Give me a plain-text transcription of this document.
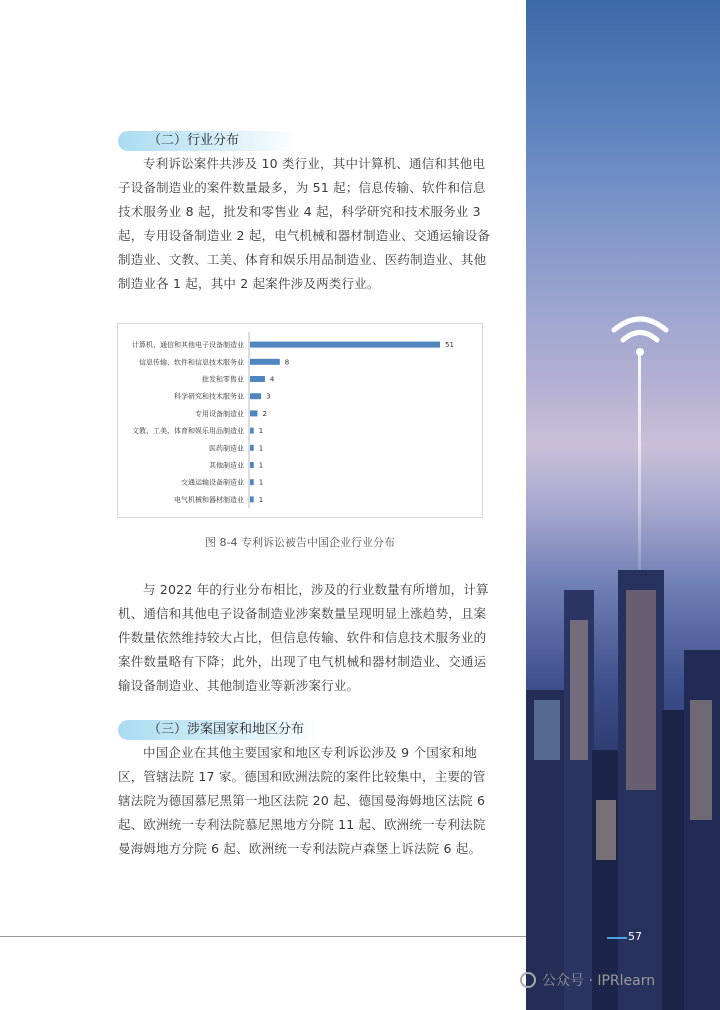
（二）行业分布

专利诉讼案件共涉及 10 类行业，其中计算机、通信和其他电子设备制造业的案件数量最多，为 51 起；信息传输、软件和信息技术服务业 8 起，批发和零售业 4 起，科学研究和技术服务业 3 起，专用设备制造业 2 起，电气机械和器材制造业、交通运输设备制造业、文教、工美、体育和娱乐用品制造业、医药制造业、其他制造业各 1 起，其中 2 起案件涉及两类行业。

计算机、通信和其他电子设备制造业	51
信息传输、软件和信息技术服务业	8
批发和零售业	4
科学研究和技术服务业	3
专用设备制造业	2
文教、工美、体育和娱乐用品制造业 1
医药制造业 1
其他制造业 1
交通运输设备制造业 1
电气机械和器材制造业 1
图 8-4 专利诉讼被告中国企业行业分布

与 2022 年的行业分布相比，涉及的行业数量有所增加，计算机、通信和其他电子设备制造业涉案数量呈现明显上涨趋势，且案件数量依然维持较大占比，但信息传输、软件和信息技术服务业的案件数量略有下降；此外，出现了电气机械和器材制造业、交通运输设备制造业、其他制造业等新涉案行业。

（三）涉案国家和地区分布

中国企业在其他主要国家和地区专利诉讼涉及 9 个国家和地区，管辖法院 17 家。德国和欧洲法院的案件比较集中，主要的管辖法院为德国慕尼黑第一地区法院 20 起、德国曼海姆地区法院 6 起、欧洲统一专利法院慕尼黑地方分院 11 起、欧洲统一专利法院曼海姆地方分院 6 起、欧洲统一专利法院卢森堡上诉法院 6 起。

57
公众号 · IPRlearn
